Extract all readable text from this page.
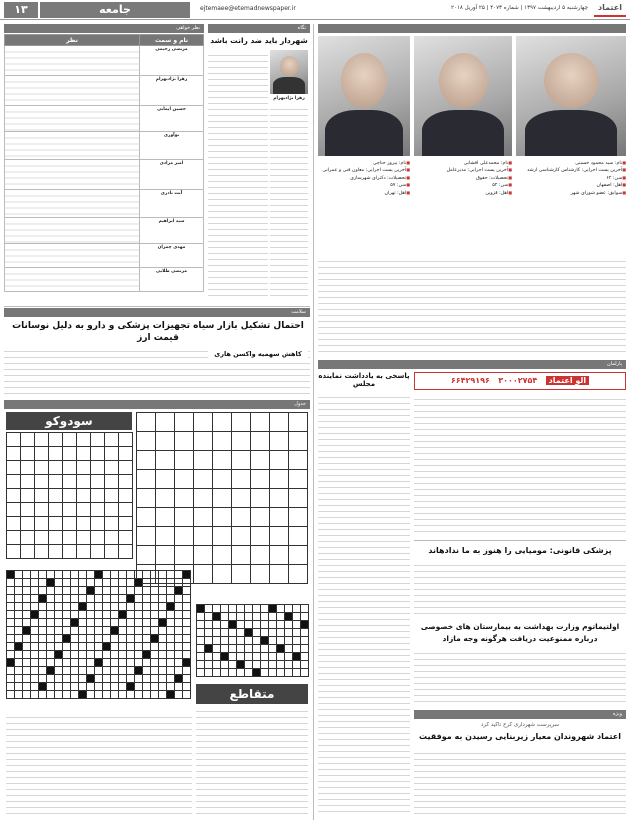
۱۳	جامعه	ejtemaee@etemadnewspaper.ir	چهارشنبه ۵ اردیبهشت ۱۳۹۷ | شماره ۴۰۷۳ | ۲۵ آوریل ۲۰۱۸	اعتماد
■ نام: سید محمود حسینی
■ آخرین پست اجرایی: کارشناس کارشناسی ارشد
■ سن: ۶۲
■ اهل: اصفهان
■ سوابق: عضو شورای شهر
■ نام: محمدعلی افشانی
■ آخرین پست اجرایی: مدیرعامل
■ تحصیلات: حقوق
■ سن: ۵۲
■ اهل: قزوین
■ نام: پیروز حناچی
■ آخرین پست اجرایی: معاون فنی و عمرانی
■ تحصیلات: دکترای شهرسازی
■ سن: ۵۷
■ اهل: تهران
نظر خواهی
نظر	نام و سمت
	مرتضی رحیمی
	زهرا نژادبهرام
	حسین ایمانی
	نوآوری
	امیر مرادی
	آیت نادری
	سید ابراهیم
	مهدی چمران
	مرتضی طلایی
نگاه
شهردار باید ضد رانت باشد
زهرا نژادبهرام
سلامت
احتمال تشکیل بازار سیاه تجهیزات پزشکی و دارو به دلیل نوسانات قیمت ارز
کاهش سهمیه واکسن هاری
جدول
سودوکو

متقاطع
پارلمان
پاسخی به یادداشت نماینده مجلس	۶۶۴۲۹۱۹۶ ۳۰۰۰۲۷۵۴ الو اعتماد
پزشکی قانونی: مومیایی را هنوز به ما ندادهاند
اولتیماتوم وزارت بهداشت به بیمارستان های خصوصی
درباره ممنوعیت دریافت هرگونه وجه مازاد
ویژه
سرپرست شهرداری کرج تاکید کرد
اعتماد شهروندان معیار زیربنایی رسیدن به موفقیت
